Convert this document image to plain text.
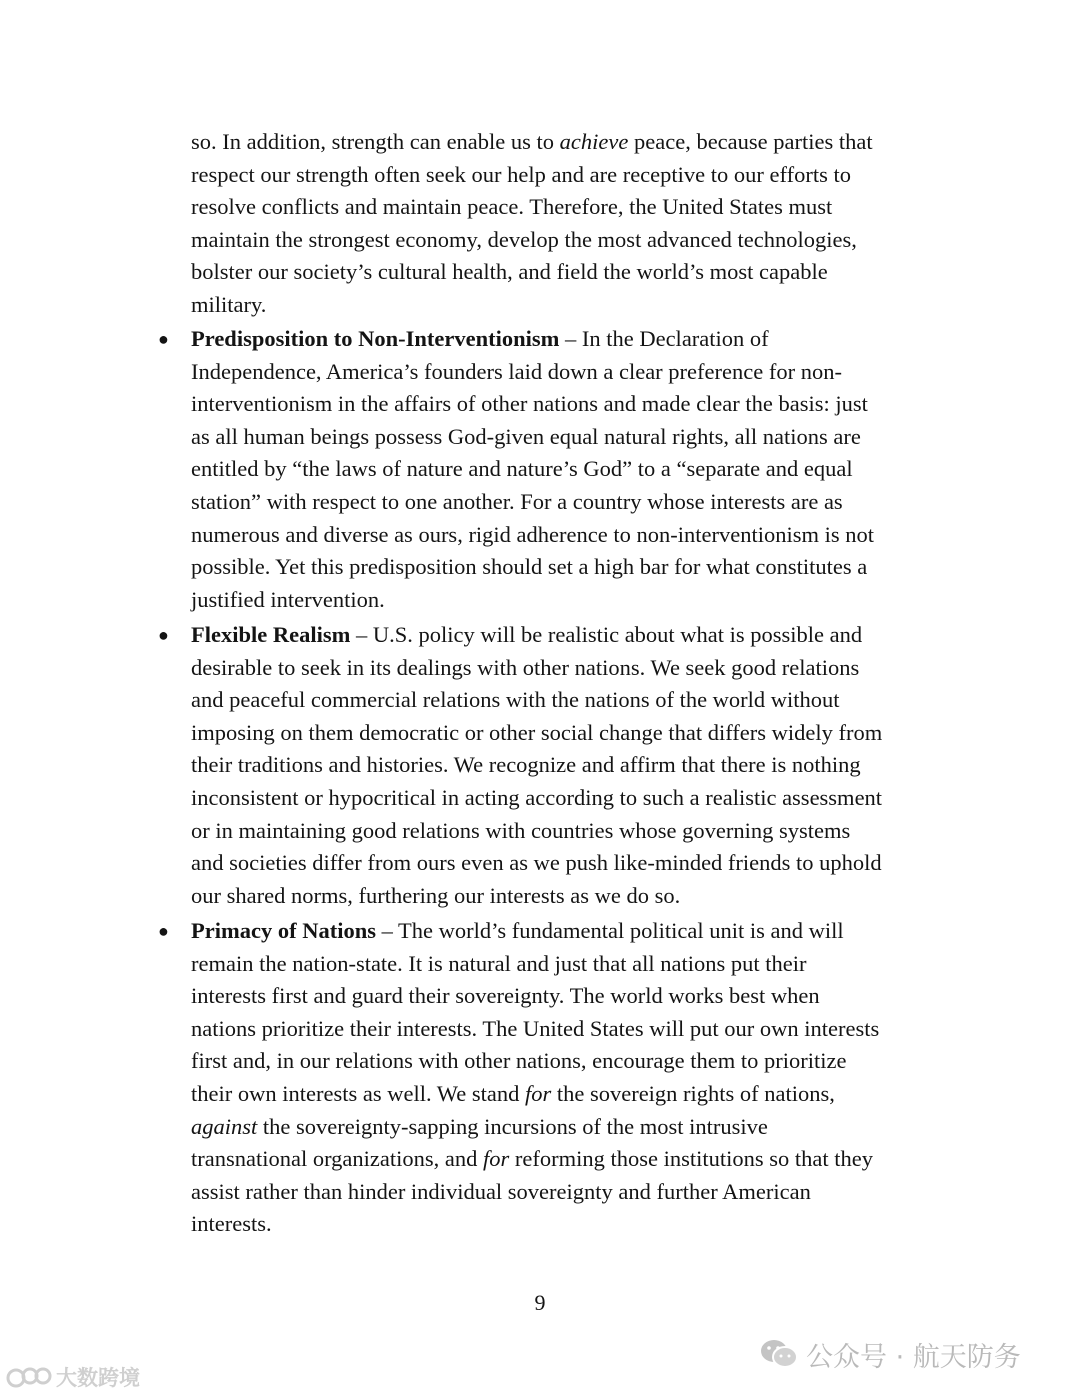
so. In addition, strength can enable us to achieve peace, because parties that
respect our strength often seek our help and are receptive to our efforts to
resolve conflicts and maintain peace. Therefore, the United States must
maintain the strongest economy, develop the most advanced technologies,
bolster our society’s cultural health, and field the world’s most capable
military.
● Predisposition to Non-Interventionism – In the Declaration of
Independence, America’s founders laid down a clear preference for non-
interventionism in the affairs of other nations and made clear the basis: just
as all human beings possess God-given equal natural rights, all nations are
entitled by “the laws of nature and nature’s God” to a “separate and equal
station” with respect to one another. For a country whose interests are as
numerous and diverse as ours, rigid adherence to non-interventionism is not
possible. Yet this predisposition should set a high bar for what constitutes a
justified intervention.
● Flexible Realism – U.S. policy will be realistic about what is possible and
desirable to seek in its dealings with other nations. We seek good relations
and peaceful commercial relations with the nations of the world without
imposing on them democratic or other social change that differs widely from
their traditions and histories. We recognize and affirm that there is nothing
inconsistent or hypocritical in acting according to such a realistic assessment
or in maintaining good relations with countries whose governing systems
and societies differ from ours even as we push like-minded friends to uphold
our shared norms, furthering our interests as we do so.
● Primacy of Nations – The world’s fundamental political unit is and will
remain the nation-state. It is natural and just that all nations put their
interests first and guard their sovereignty. The world works best when
nations prioritize their interests. The United States will put our own interests
first and, in our relations with other nations, encourage them to prioritize
their own interests as well. We stand for the sovereign rights of nations,
against the sovereignty-sapping incursions of the most intrusive
transnational organizations, and for reforming those institutions so that they
assist rather than hinder individual sovereignty and further American
interests.
9
公众号 · 航天防务
大数跨境
